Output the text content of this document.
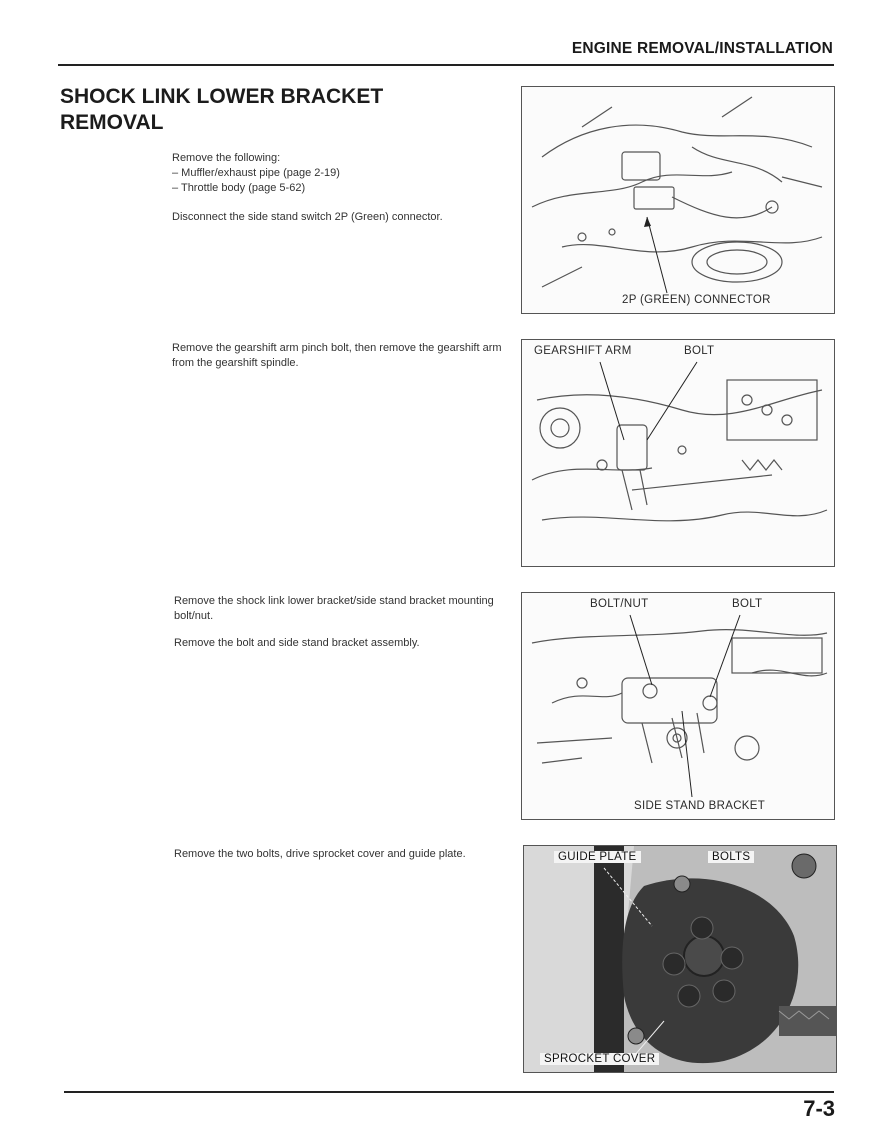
ENGINE REMOVAL/INSTALLATION
SHOCK LINK LOWER BRACKET REMOVAL

Remove the following:

– Muffler/exhaust pipe (page 2-19)

– Throttle body (page 5-62)

Disconnect the side stand switch 2P (Green) connector.

2P (GREEN) CONNECTOR

Remove the gearshift arm pinch bolt, then remove the gearshift arm from the gearshift spindle.

GEARSHIFT ARM	BOLT

Remove the shock link lower bracket/side stand bracket mounting bolt/nut.

Remove the bolt and side stand bracket assembly.

BOLT/NUT	BOLT
SIDE STAND BRACKET

Remove the two bolts, drive sprocket cover and guide plate.	GUIDE PLATE	BOLTS
SPROCKET COVER
7-3
